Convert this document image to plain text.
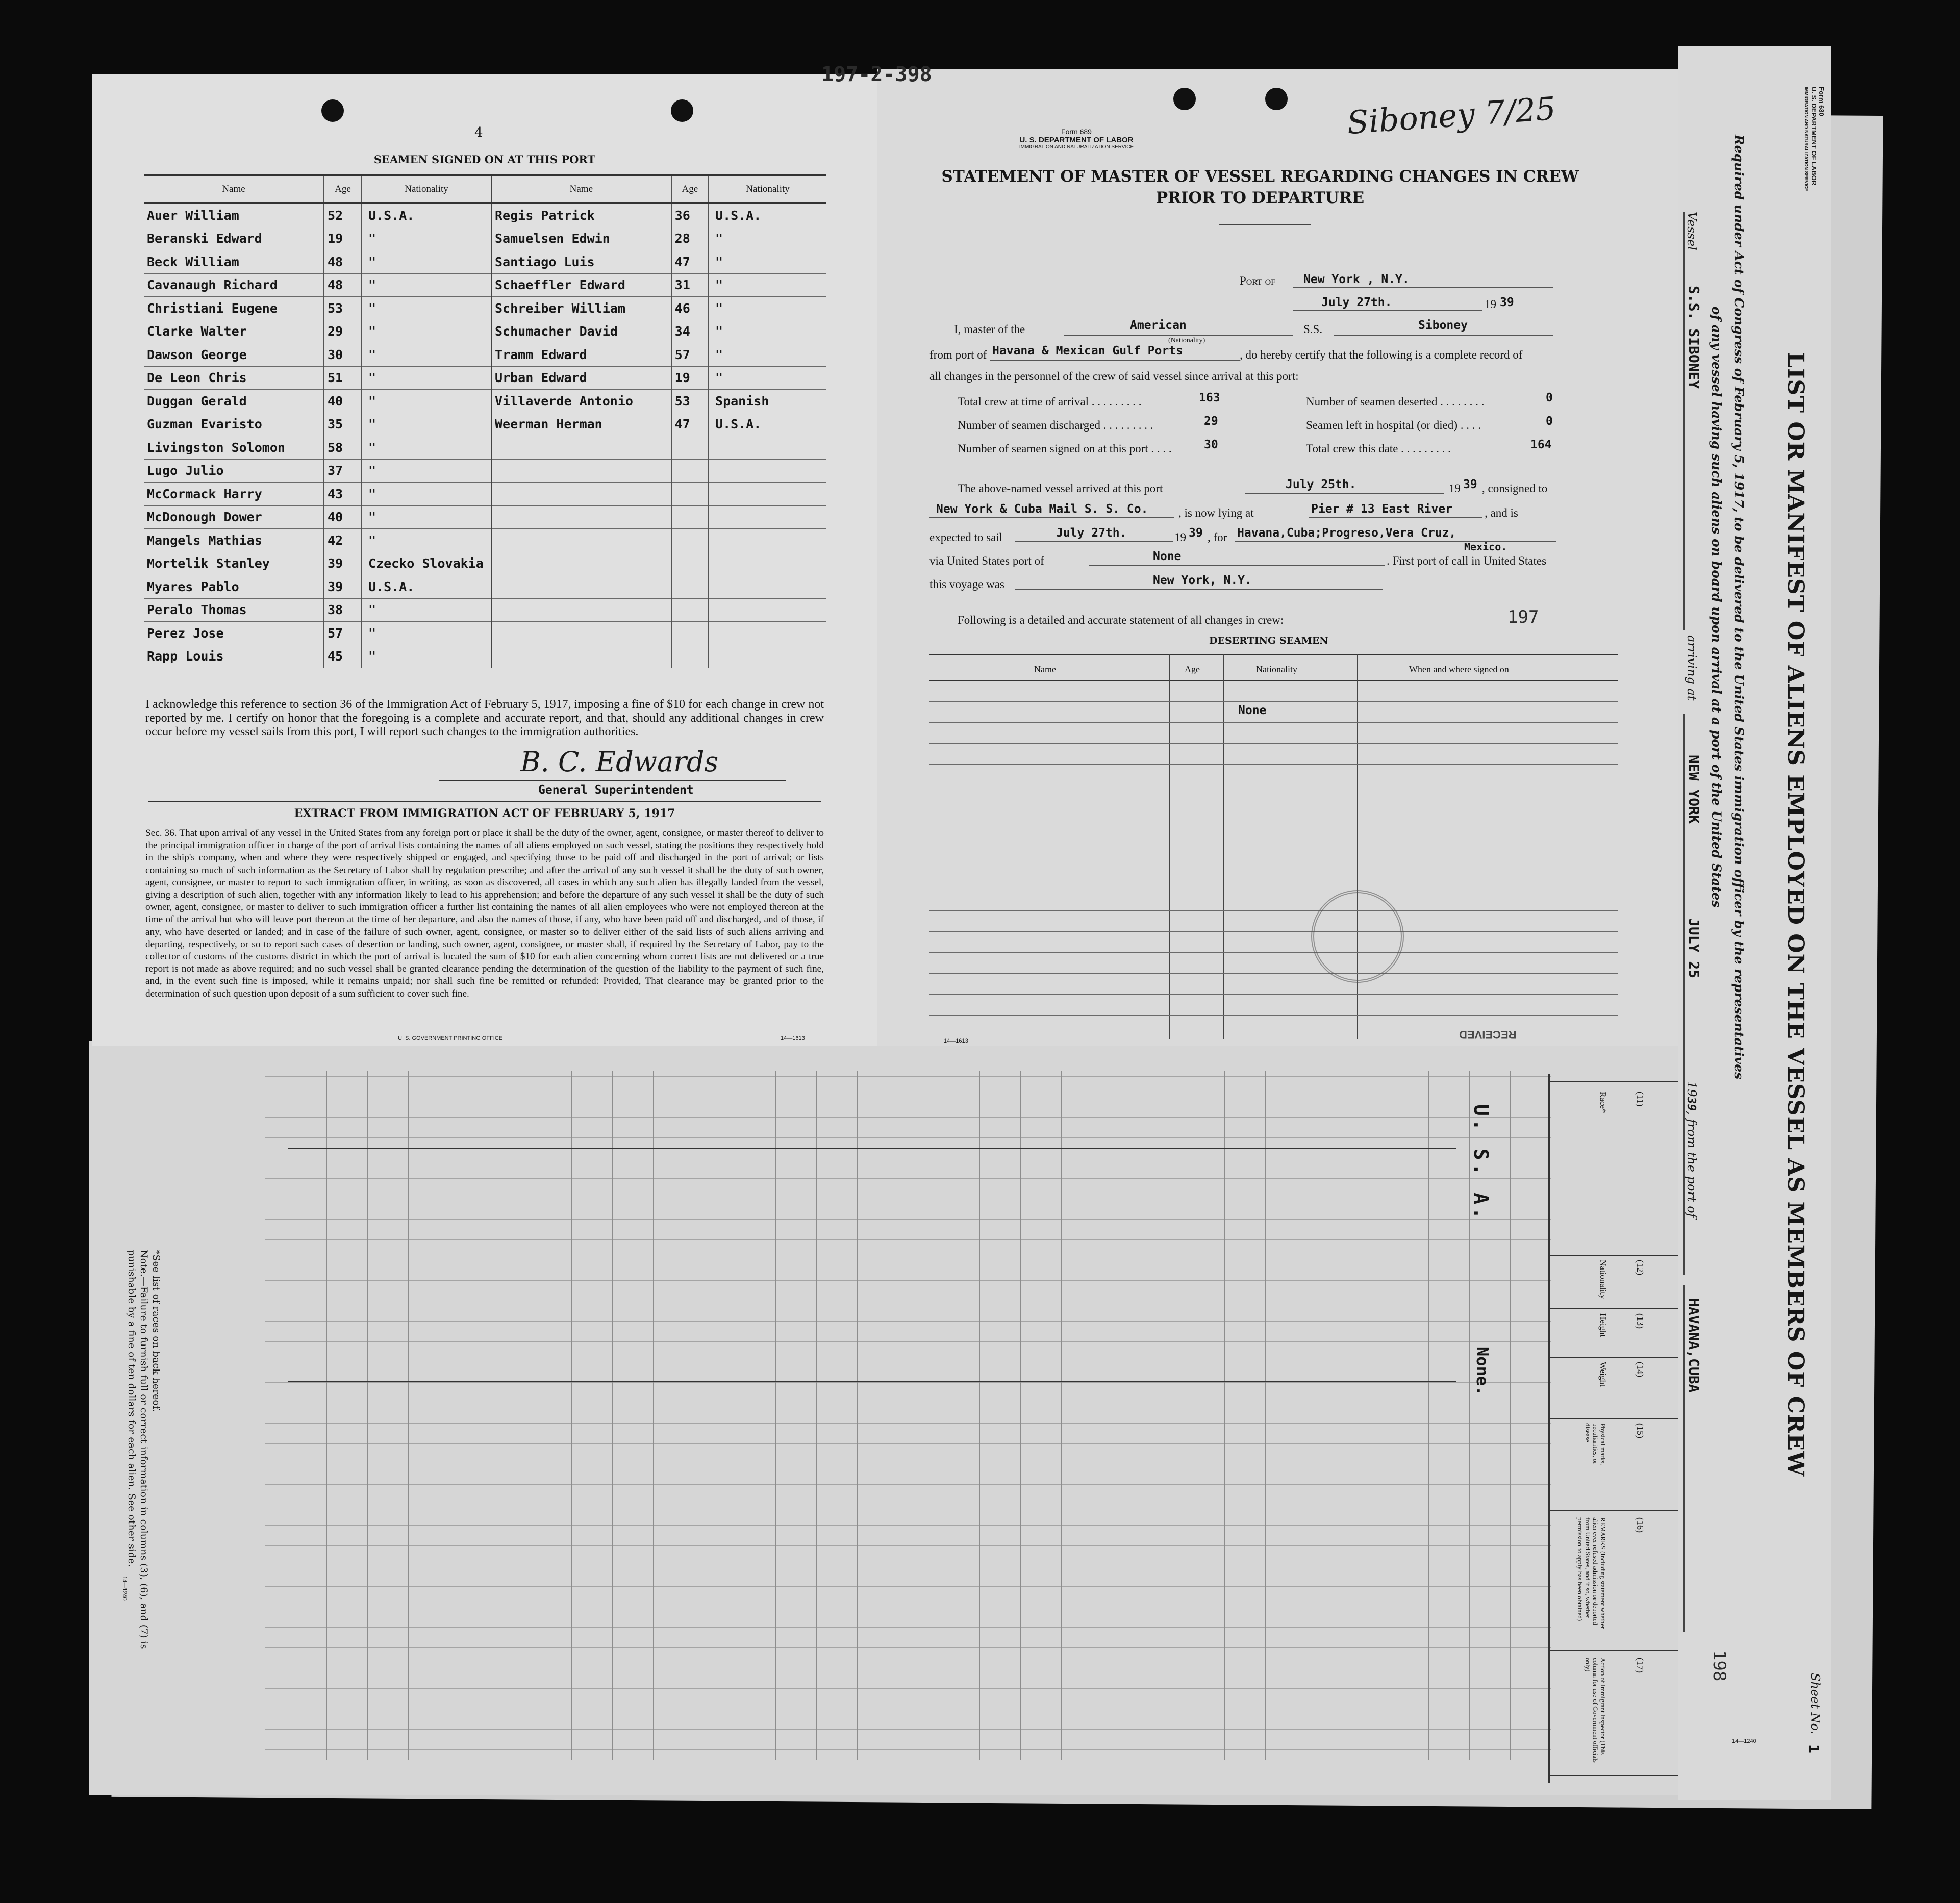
197-2-398
4
SEAMEN SIGNED ON AT THIS PORT
Name	Age	Nationality
Auer William	52	U.S.A.
Beranski Edward	19	"
Beck William	48	"
Cavanaugh Richard	48	"
Christiani Eugene	53	"
Clarke Walter	29	"
Dawson George	30	"
De Leon Chris	51	"
Duggan Gerald	40	"
Guzman Evaristo	35	"
Livingston Solomon	58	"
Lugo Julio	37	"
McCormack Harry	43	"
McDonough Dower	40	"
Mangels Mathias	42	"
Mortelik Stanley	39	Czecko Slovakia
Myares Pablo	39	U.S.A.
Peralo Thomas	38	"
Perez Jose	57	"
Rapp Louis	45	"
Name	Age	Nationality
Regis Patrick	36	U.S.A.
Samuelsen Edwin	28	"
Santiago Luis	47	"
Schaeffler Edward	31	"
Schreiber William	46	"
Schumacher David	34	"
Tramm Edward	57	"
Urban Edward	19	"
Villaverde Antonio	53	Spanish
Weerman Herman	47	U.S.A.

I acknowledge this reference to section 36 of the Immigration Act of February 5, 1917, imposing a fine of $10 for each change in crew not reported by me. I certify on honor that the foregoing is a complete and accurate report, and that, should any additional changes in crew occur before my vessel sails from this port, I will report such changes to the immigration authorities.
B. C. Edwards
General Superintendent
EXTRACT FROM IMMIGRATION ACT OF FEBRUARY 5, 1917
Sec. 36. That upon arrival of any vessel in the United States from any foreign port or place it shall be the duty of the owner, agent, consignee, or master thereof to deliver to the principal immigration officer in charge of the port of arrival lists containing the names of all aliens employed on such vessel, stating the positions they respectively hold in the ship's company, when and where they were respectively shipped or engaged, and specifying those to be paid off and discharged in the port of arrival; or lists containing so much of such information as the Secretary of Labor shall by regulation prescribe; and after the arrival of any such vessel it shall be the duty of such owner, agent, consignee, or master to report to such immigration officer, in writing, as soon as discovered, all cases in which any such alien has illegally landed from the vessel, giving a description of such alien, together with any information likely to lead to his apprehension; and before the departure of any such vessel it shall be the duty of such owner, agent, consignee, or master to deliver to such immigration officer a further list containing the names of all alien employees who were not employed thereon at the time of the arrival but who will leave port thereon at the time of her departure, and also the names of those, if any, who have been paid off and discharged, and of those, if any, who have deserted or landed; and in case of the failure of such owner, agent, consignee, or master so to deliver either of the said lists of such aliens arriving and departing, respectively, or so to report such cases of desertion or landing, such owner, agent, consignee, or master shall, if required by the Secretary of Labor, pay to the collector of customs of the customs district in which the port of arrival is located the sum of $10 for each alien concerning whom correct lists are not delivered or a true report is not made as above required; and no such vessel shall be granted clearance pending the determination of the question of the liability to the payment of such fine, and, in the event such fine is imposed, while it remains unpaid; nor shall such fine be remitted or refunded: Provided, That clearance may be granted prior to the determination of such question upon deposit of a sum sufficient to cover such fine.
U. S. GOVERNMENT PRINTING OFFICE	14—1613
Siboney 7/25
Form 689
U. S. DEPARTMENT OF LABOR
IMMIGRATION AND NATURALIZATION SERVICE
STATEMENT OF MASTER OF VESSEL REGARDING CHANGES IN CREW
PRIOR TO DEPARTURE
Port of New York , N.Y.
July 27th.	19 39
I, master of the	American
(Nationality)
S.S.	Siboney
from port of Havana & Mexican Gulf Ports	, do hereby certify that the following is a complete record of
all changes in the personnel of the crew of said vessel since arrival at this port:
Total crew at time of arrival . . . . . . . . .	163
Number of seamen discharged . . . . . . . . .	29
Number of seamen signed on at this port . . . .	30
Number of seamen deserted . . . . . . . .	0
Seamen left in hospital (or died) . . . .	0
Total crew this date . . . . . . . . .	164
The above-named vessel arrived at this port	July 25th.	19 39 , consigned to
New York & Cuba Mail S. S. Co.	, is now lying at	Pier # 13 East River	, and is
expected to sail	July 27th.	19 39 , for Havana,Cuba;Progreso,Vera Cruz,
Mexico.
via United States port of	None	. First port of call in United States
this voyage was	New York, N.Y.
Following is a detailed and accurate statement of all changes in crew:	197
DESERTING SEAMEN
Name	Age	Nationality	When and where signed on
None
RECEIVED
14—1613
(11)
Race*
(12)
Nationality
(13)
Height
(14)
Weight
(15)
Physical marks, peculiarities, or disease
(16)
REMARKS (Including statement whether alien ever refused admission or deported from United States, and if so, whether permission to apply has been obtained)
(17)
Action of Immigrant Inspector (This column for use of Government officials only)
U. S. A.
None.
*See list of races on back hereof.
Note.—Failure to furnish full or correct information in columns (3), (6), and (7) is punishable by a fine of ten dollars for each alien. See other side.
14—1240
14—1240
Form 630
U. S. DEPARTMENT OF LABOR
IMMIGRATION AND NATURALIZATION SERVICE
LIST OR MANIFEST OF ALIENS EMPLOYED ON THE VESSEL AS MEMBERS OF CREW
Required under Act of Congress of February 5, 1917, to be delivered to the United States immigration officer by the representatives of any vessel having such aliens on board upon arrival at a port of the United States
Vessel
S.S. SIBONEY
arriving at
NEW YORK
JULY 25
1939, from the port of
HAVANA,CUBA
198
Sheet No.
1
